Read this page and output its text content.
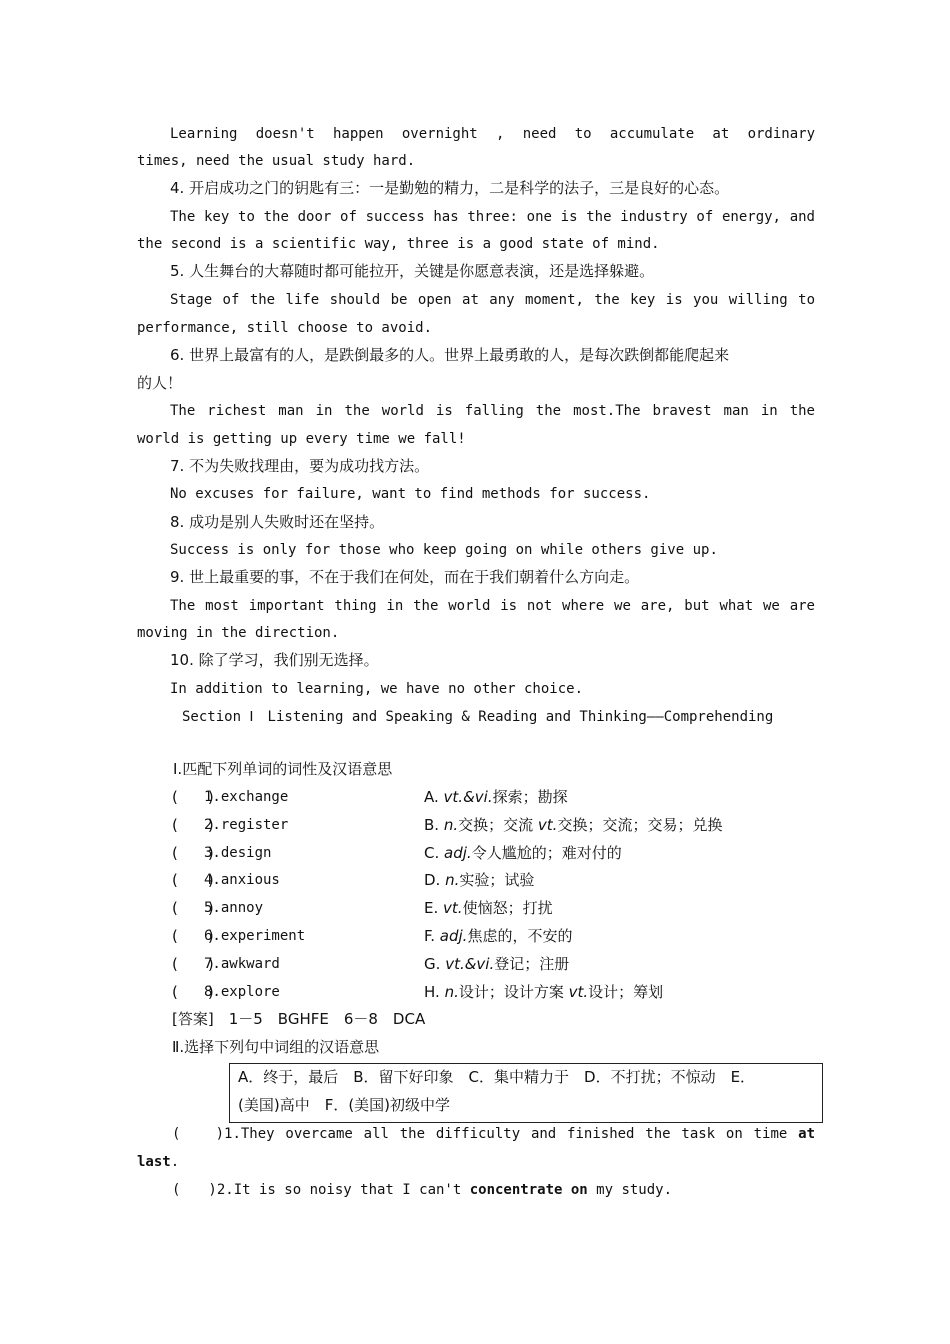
Learning doesn't happen overnight , need to accumulate at ordinary
times, need the usual study hard.
4. 开启成功之门的钥匙有三：一是勤勉的精力，二是科学的法子，三是良好的心态。
The key to the door of success has three: one is the industry of energy, and
the second is a scientific way, three is a good state of mind.
5. 人生舞台的大幕随时都可能拉开，关键是你愿意表演，还是选择躲避。
Stage of the life should be open at any moment, the key is you willing to
performance, still choose to avoid.
6. 世界上最富有的人，是跌倒最多的人。世界上最勇敢的人，是每次跌倒都能爬起来
的人！
The richest man in the world is falling the most.The bravest man in the
world is getting up every time we fall!
7. 不为失败找理由，要为成功找方法。
No excuses for failure, want to find methods for success.
8. 成功是别人失败时还在坚持。
Success is only for those who keep going on while others give up.
9. 世上最重要的事，不在于我们在何处，而在于我们朝着什么方向走。
The most important thing in the world is not where we are, but what we are
moving in the direction.
10. 除了学习，我们别无选择。
In addition to learning, we have no other choice.
Section Ⅰ　Listening and Speaking & Reading and Thinking——Comprehending
Ⅰ.匹配下列单词的词性及汉语意思
(　　)
1.exchange	A. vt.&vi.探索；勘探
(　　)
2.register	B. n.交换；交流 vt.交换；交流；交易；兑换
(　　)
3.design	C. adj.令人尴尬的；难对付的
(　　)
4.anxious	D. n.实验；试验
(　　)
5.annoy	E. vt.使恼怒；打扰
(　　)
6.experiment	F. adj.焦虑的，不安的
(　　)
7.awkward	G. vt.&vi.登记；注册
(　　)
8.explore	H. n.设计；设计方案 vt.设计；筹划
[答案]　1－5　BGHFE　6－8　DCA
Ⅱ.选择下列句中词组的汉语意思
A．终于，最后　B．留下好印象　C．集中精力于　D．不打扰；不惊动　E．
(美国)高中　F．(美国)初级中学
(　　)1.They overcame all the difficulty and finished the task on time at
last.
(　　)2.It is so noisy that I can't concentrate on my study.
